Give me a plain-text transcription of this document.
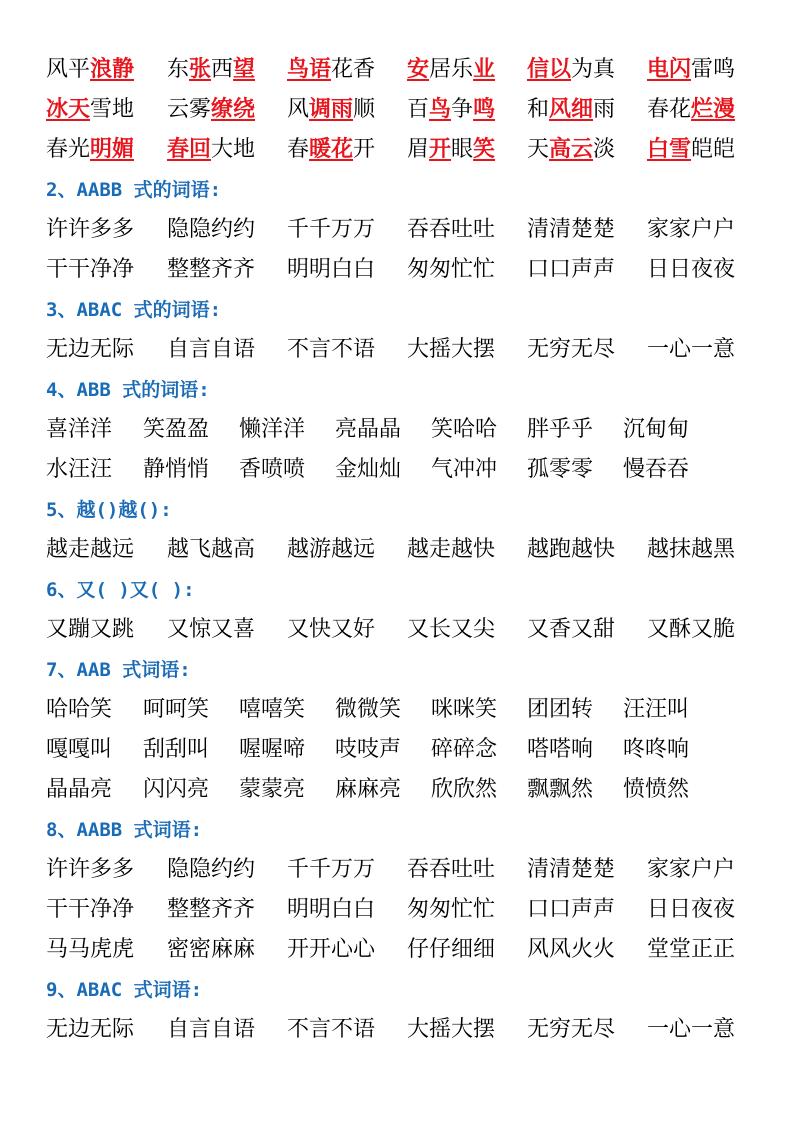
风平浪静 东张西望 鸟语花香 安居乐业 信以为真 电闪雷鸣
冰天雪地 云雾缭绕 风调雨顺 百鸟争鸣 和风细雨 春花烂漫
春光明媚 春回大地 春暖花开 眉开眼笑 天高云淡 白雪皑皑
2、AABB 式的词语:
许许多多 隐隐约约 千千万万 吞吞吐吐 清清楚楚 家家户户
干干净净 整整齐齐 明明白白 匆匆忙忙 口口声声 日日夜夜
3、ABAC 式的词语:
无边无际 自言自语 不言不语 大摇大摆 无穷无尽 一心一意
4、ABB 式的词语:
喜洋洋 笑盈盈 懒洋洋 亮晶晶 笑哈哈 胖乎乎 沉甸甸
水汪汪 静悄悄 香喷喷 金灿灿 气冲冲 孤零零 慢吞吞
5、越()越():
越走越远 越飞越高 越游越远 越走越快 越跑越快 越抹越黑
6、又( )又( ):
又蹦又跳 又惊又喜 又快又好 又长又尖 又香又甜 又酥又脆
7、AAB 式词语:
哈哈笑 呵呵笑 嘻嘻笑 微微笑 咪咪笑 团团转 汪汪叫
嘎嘎叫 刮刮叫 喔喔啼 吱吱声 碎碎念 嗒嗒响 咚咚响
晶晶亮 闪闪亮 蒙蒙亮 麻麻亮 欣欣然 飘飘然 愤愤然
8、AABB 式词语:
许许多多 隐隐约约 千千万万 吞吞吐吐 清清楚楚 家家户户
干干净净 整整齐齐 明明白白 匆匆忙忙 口口声声 日日夜夜
马马虎虎 密密麻麻 开开心心 仔仔细细 风风火火 堂堂正正
9、ABAC 式词语:
无边无际 自言自语 不言不语 大摇大摆 无穷无尽 一心一意
